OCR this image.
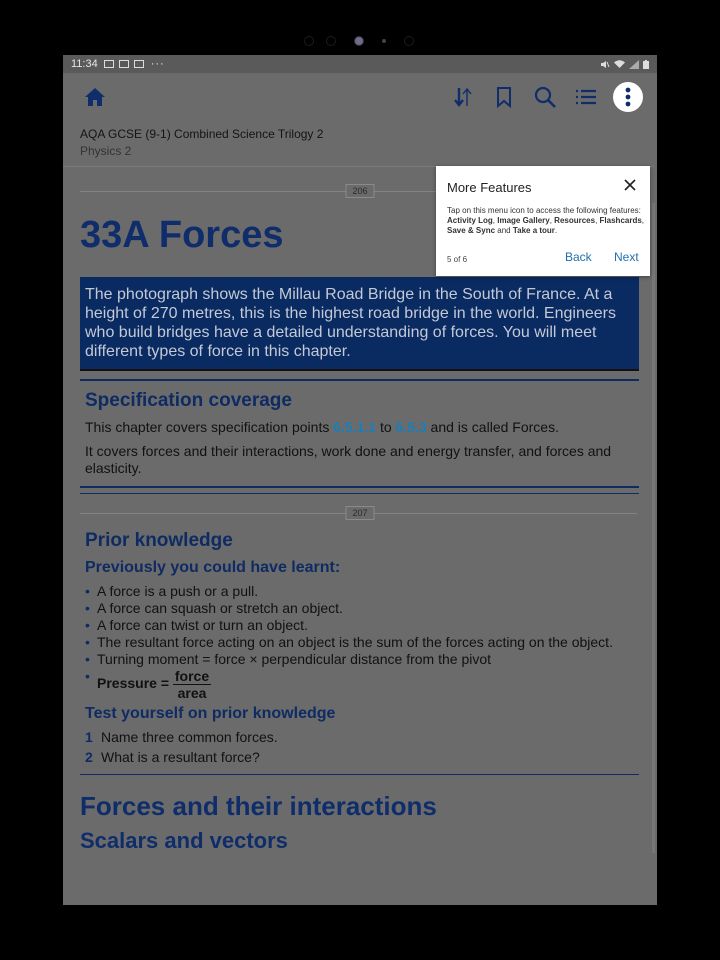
11:34	···
AQA GCSE (9-1) Combined Science Trilogy 2
Physics 2
206
33A Forces
The photograph shows the Millau Road Bridge in the South of France. At a height of 270 metres, this is the highest road bridge in the world. Engineers who build bridges have a detailed understanding of forces. You will meet different types of force in this chapter.
Specification coverage
This chapter covers specification points 6.5.1.1 to 6.5.3 and is called Forces.
It covers forces and their interactions, work done and energy transfer, and forces and elasticity.
207
Prior knowledge
Previously you could have learnt:
• A force is a push or a pull.
• A force can squash or stretch an object.
• A force can twist or turn an object.
• The resultant force acting on an object is the sum of the forces acting on the object.
• Turning moment = force × perpendicular distance from the pivot
• Pressure = $\frac{\text{force}}{\text{area}}$
Test yourself on prior knowledge
1 Name three common forces.
2 What is a resultant force?
Forces and their interactions
Scalars and vectors
More Features
Tap on this menu icon to access the following features: Activity Log, Image Gallery, Resources, Flashcards, Save & Sync and Take a tour.
5 of 6	Back Next
